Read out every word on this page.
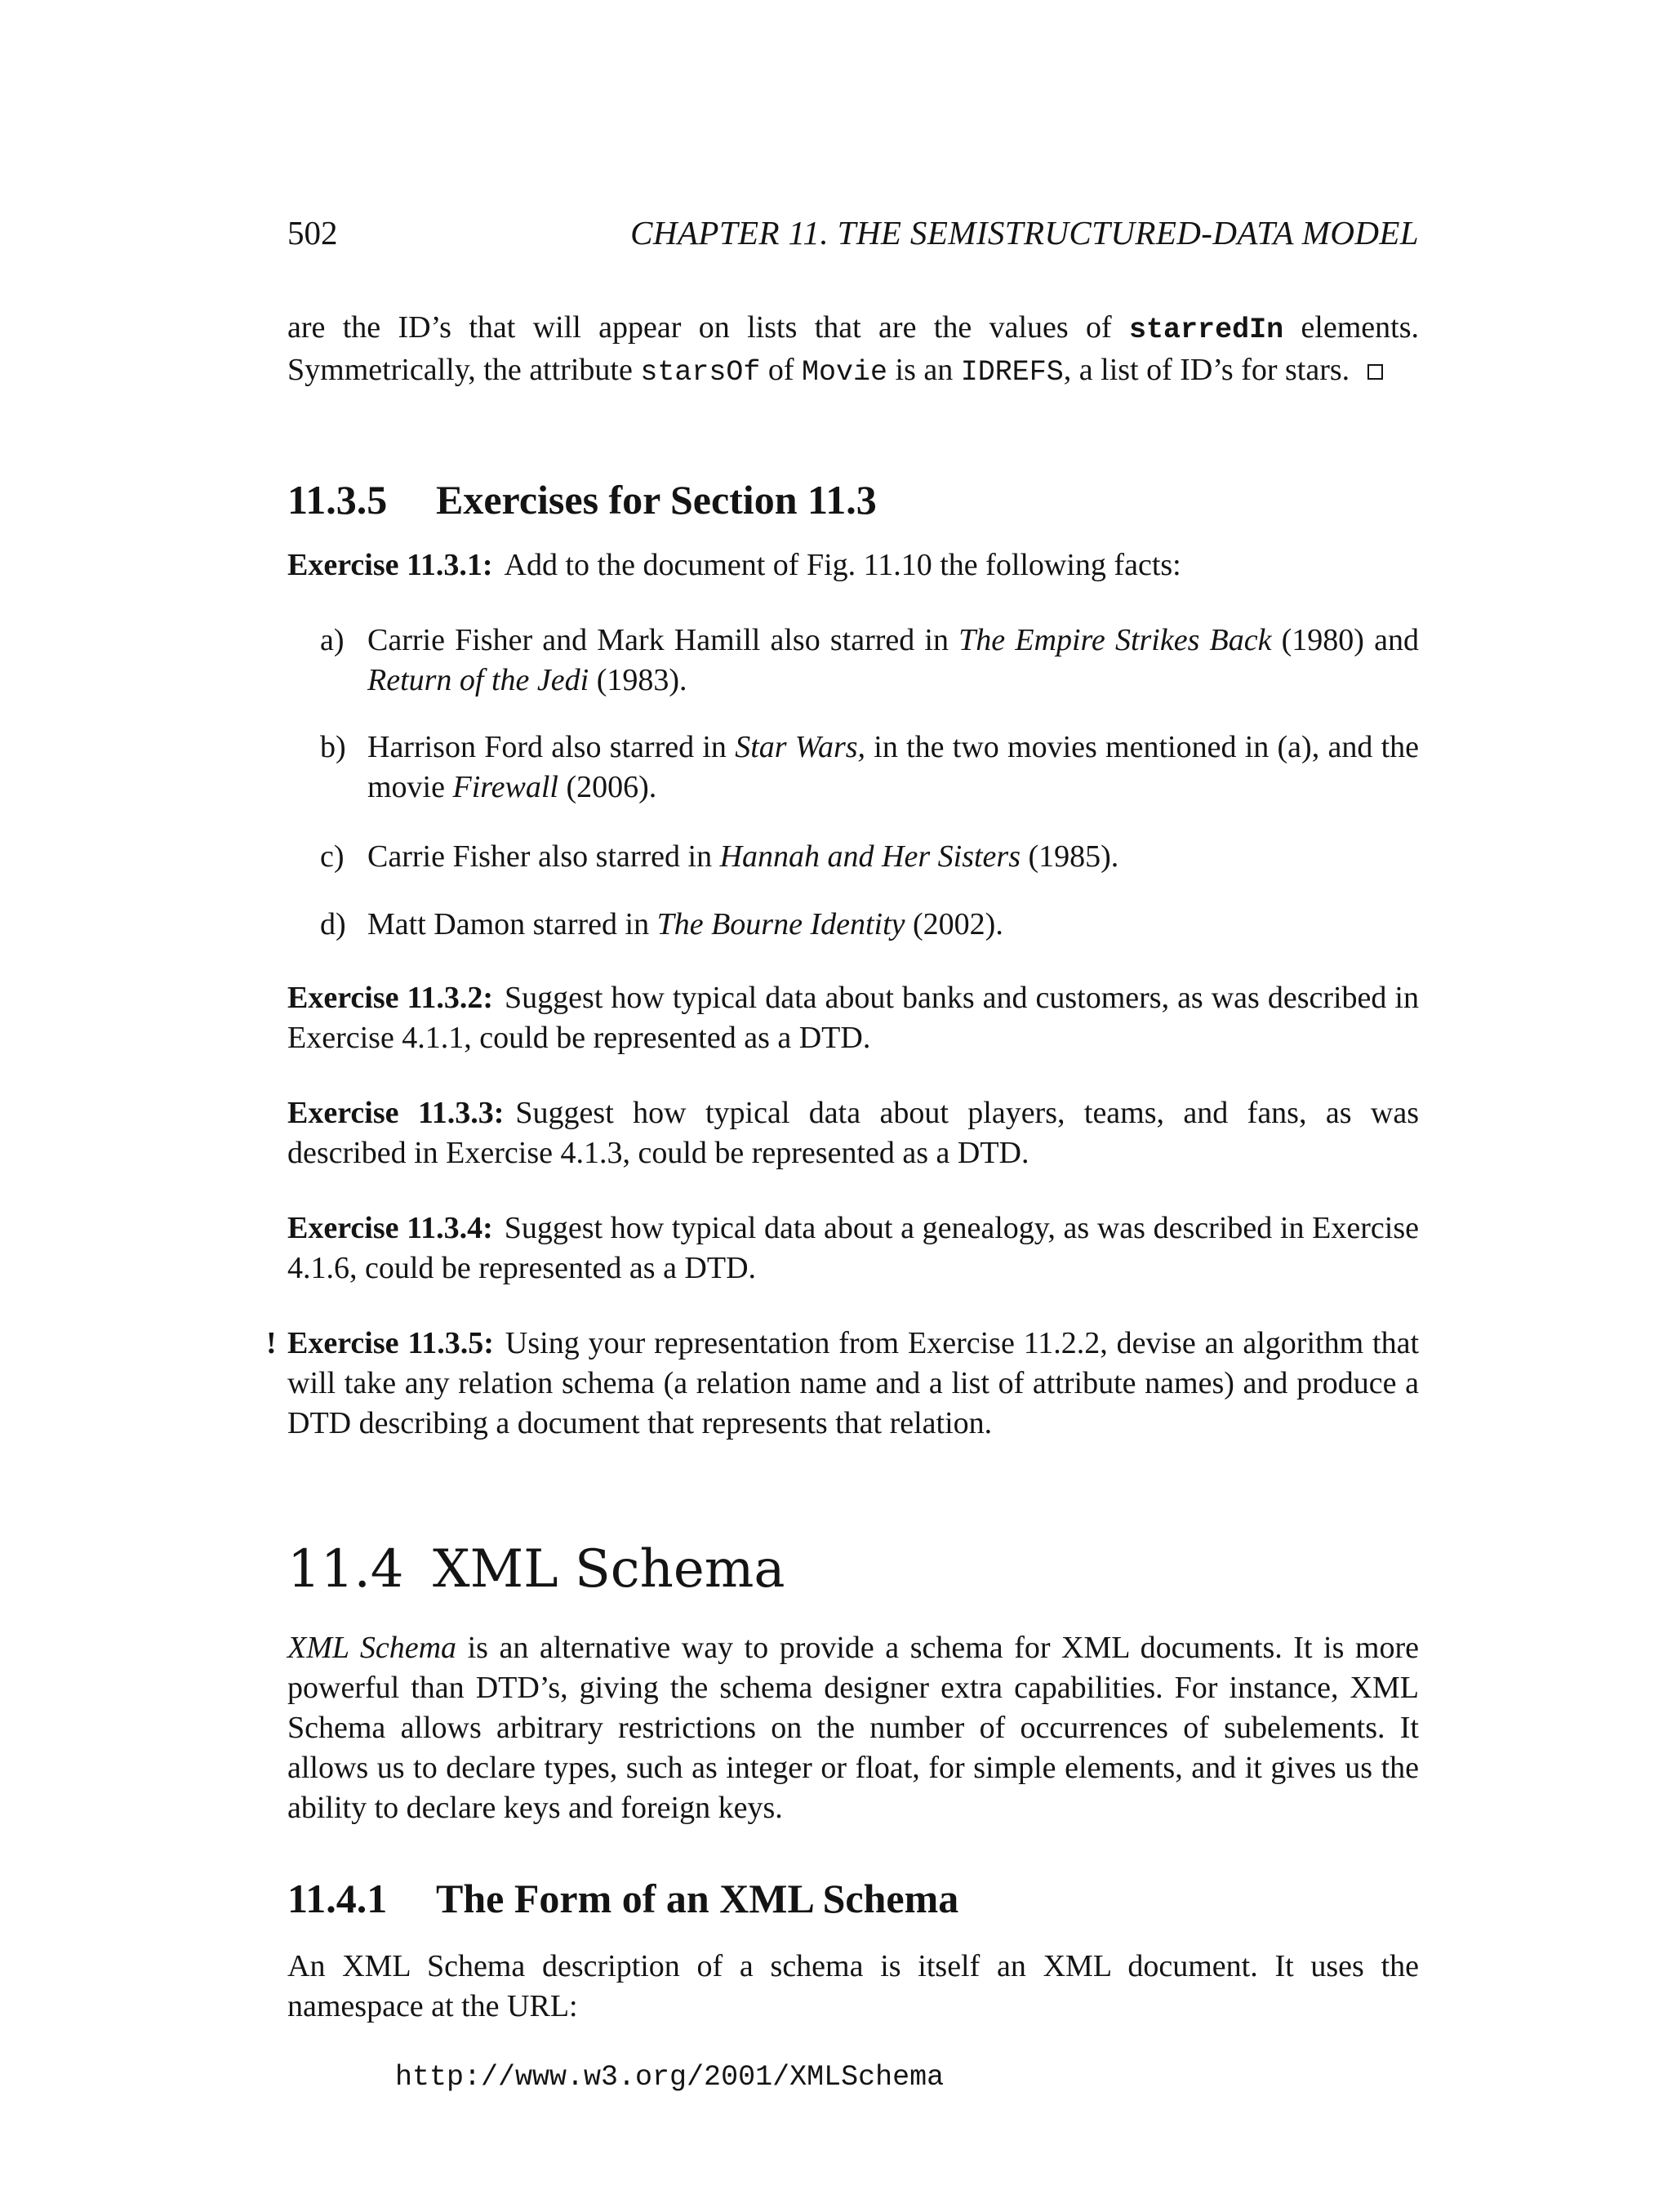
502	CHAPTER 11. THE SEMISTRUCTURED-DATA MODEL
are the ID’s that will appear on lists that are the values of starredIn elements. Symmetrically, the attribute starsOf of Movie is an IDREFS, a list of ID’s for stars.
11.3.5 Exercises for Section 11.3
Exercise 11.3.1: Add to the document of Fig. 11.10 the following facts:
a) Carrie Fisher and Mark Hamill also starred in The Empire Strikes Back (1980) and Return of the Jedi (1983).
b) Harrison Ford also starred in Star Wars, in the two movies mentioned in (a), and the movie Firewall (2006).
c) Carrie Fisher also starred in Hannah and Her Sisters (1985).
d) Matt Damon starred in The Bourne Identity (2002).
Exercise 11.3.2: Suggest how typical data about banks and customers, as was described in Exercise 4.1.1, could be represented as a DTD.
Exercise 11.3.3: Suggest how typical data about players, teams, and fans, as was described in Exercise 4.1.3, could be represented as a DTD.
Exercise 11.3.4: Suggest how typical data about a genealogy, as was described in Exercise 4.1.6, could be represented as a DTD.
! Exercise 11.3.5: Using your representation from Exercise 11.2.2, devise an algorithm that will take any relation schema (a relation name and a list of attribute names) and produce a DTD describing a document that represents that relation.
11.4 XML Schema
XML Schema is an alternative way to provide a schema for XML documents. It is more powerful than DTD’s, giving the schema designer extra capabilities. For instance, XML Schema allows arbitrary restrictions on the number of occurrences of subelements. It allows us to declare types, such as integer or float, for simple elements, and it gives us the ability to declare keys and foreign keys.
11.4.1 The Form of an XML Schema
An XML Schema description of a schema is itself an XML document. It uses the namespace at the URL:
http://www.w3.org/2001/XMLSchema
